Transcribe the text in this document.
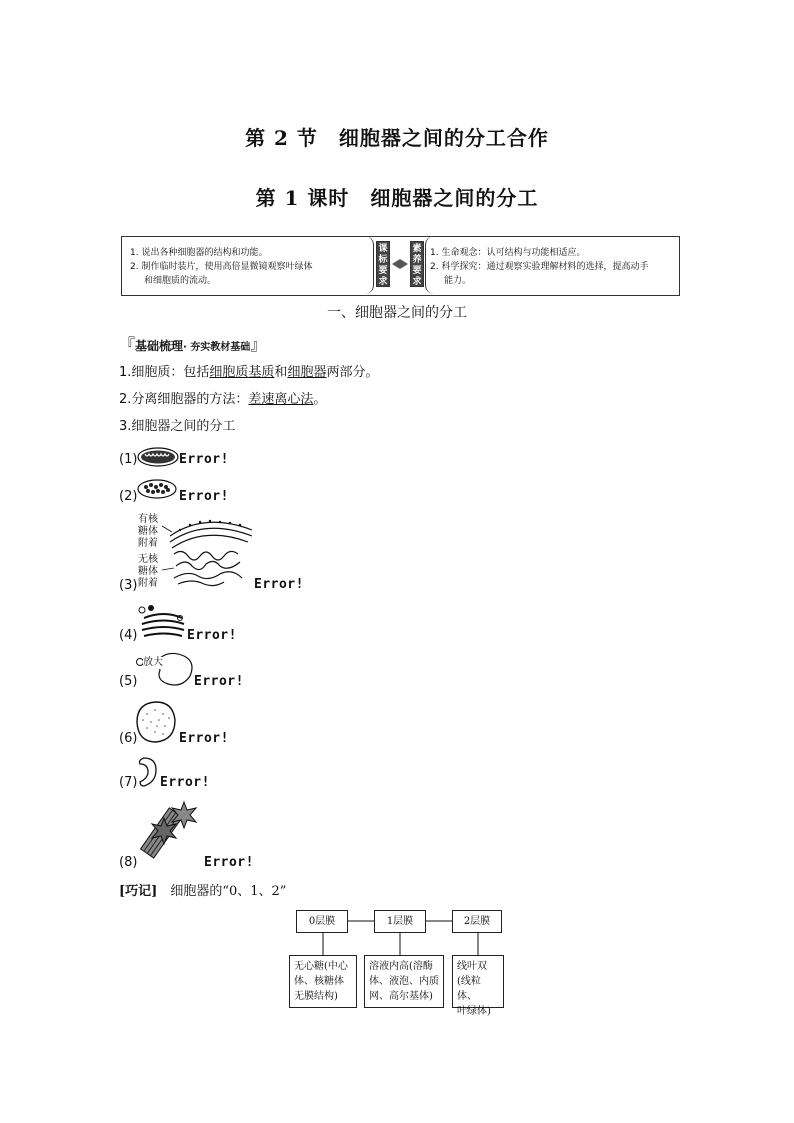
第 2 节　细胞器之间的分工合作
第 1 课时　细胞器之间的分工
1. 说出各种细胞器的结构和功能。
2. 制作临时装片，使用高倍显微镜观察叶绿体
和细胞质的流动。
课标要求
素养要求
1. 生命观念：认可结构与功能相适应。
2. 科学探究：通过观察实验理解材料的选择，提高动手
能力。
一、细胞器之间的分工
『基础梳理· 夯实教材基础』
1.细胞质：包括细胞质基质和细胞器两部分。
2.分离细胞器的方法：差速离心法。
3.细胞器之间的分工
(1)	Error!
(2)	Error!
有核
糖体
附着
无核
糖体
附着
(3)	Error!
(4)	Error!
(5)
放大
Error!
(6)	Error!
(7) Error!
(8)	Error!
[巧记]　 细胞器的“0、1、2”
0层膜	1层膜	2层膜
无心糖(中心
体、核糖体
无膜结构)
溶液内高(溶酶
体、液泡、内质
网、高尔基体)
线叶双
(线粒体、
叶绿体)
